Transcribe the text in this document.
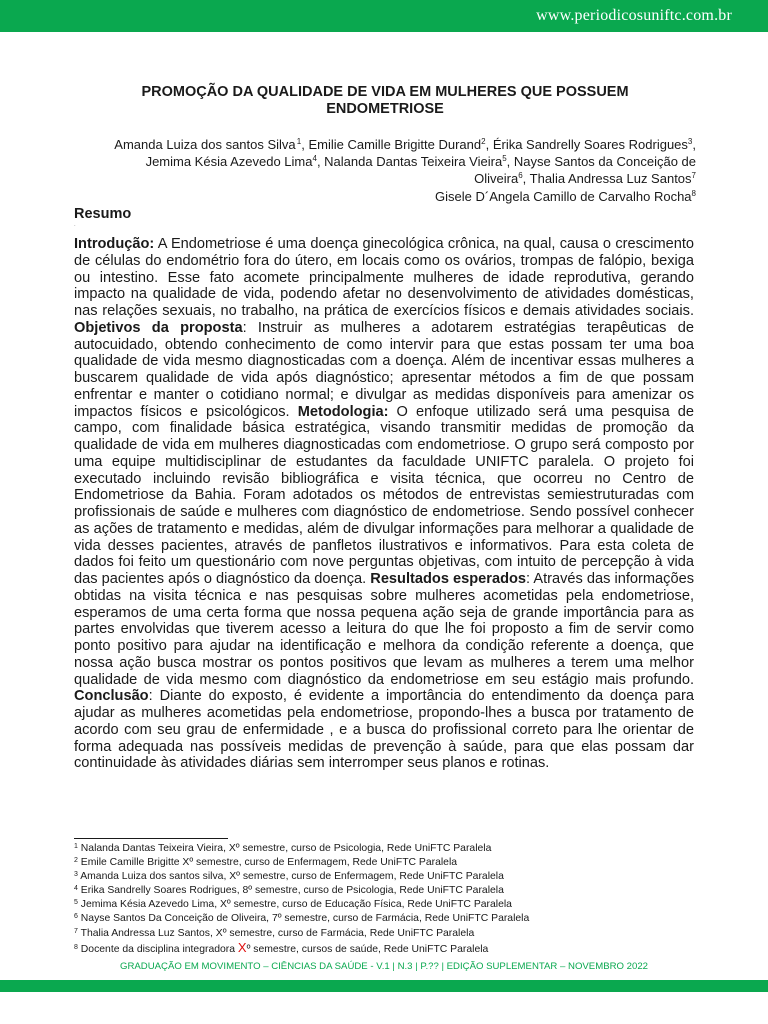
www.periodicosuniftc.com.br
PROMOÇÃO DA QUALIDADE DE VIDA EM MULHERES QUE POSSUEM
ENDOMETRIOSE
Amanda Luiza dos santos Silva $^1$, Emilie Camille Brigitte Durand$^2$, Érika Sandrelly Soares Rodrigues$^3$, Jemima Késia Azevedo Lima$^4$, Nalanda Dantas Teixeira Vieira$^5$, Nayse Santos da Conceição de Oliveira$^6$, Thalia Andressa Luz Santos$^7$
Gisele D´Angela Camillo de Carvalho Rocha$^8$
Resumo
.
Introdução: A Endometriose é uma doença ginecológica crônica, na qual, causa o crescimento de células do endométrio fora do útero, em locais como os ovários, trompas de falópio, bexiga ou intestino. Esse fato acomete principalmente mulheres de idade reprodutiva, gerando impacto na qualidade de vida, podendo afetar no desenvolvimento de atividades domésticas, nas relações sexuais, no trabalho, na prática de exercícios físicos e demais atividades sociais. Objetivos da proposta: Instruir as mulheres a adotarem estratégias terapêuticas de autocuidado, obtendo conhecimento de como intervir para que estas possam ter uma boa qualidade de vida mesmo diagnosticadas com a doença. Além de incentivar essas mulheres a buscarem qualidade de vida após diagnóstico; apresentar métodos a fim de que possam enfrentar e manter o cotidiano normal; e divulgar as medidas disponíveis para amenizar os impactos físicos e psicológicos. Metodologia: O enfoque utilizado será uma pesquisa de campo, com finalidade básica estratégica, visando transmitir medidas de promoção da qualidade de vida em mulheres diagnosticadas com endometriose. O grupo será composto por uma equipe multidisciplinar de estudantes da faculdade UNIFTC paralela. O projeto foi executado incluindo revisão bibliográfica e visita técnica, que ocorreu no Centro de Endometriose da Bahia. Foram adotados os métodos de entrevistas semiestruturadas com profissionais de saúde e mulheres com diagnóstico de endometriose. Sendo possível conhecer as ações de tratamento e medidas, além de divulgar informações para melhorar a qualidade de vida desses pacientes, através de panfletos ilustrativos e informativos. Para esta coleta de dados foi feito um questionário com nove perguntas objetivas, com intuito de percepção à vida das pacientes após o diagnóstico da doença. Resultados esperados: Através das informações obtidas na visita técnica e nas pesquisas sobre mulheres acometidas pela endometriose, esperamos de uma certa forma que nossa pequena ação seja de grande importância para as partes envolvidas que tiverem acesso a leitura do que lhe foi proposto a fim de servir como ponto positivo para ajudar na identificação e melhora da condição referente a doença, que nossa ação busca mostrar os pontos positivos que levam as mulheres a terem uma melhor qualidade de vida mesmo com diagnóstico da endometriose em seu estágio mais profundo. Conclusão: Diante do exposto, é evidente a importância do entendimento da doença para ajudar as mulheres acometidas pela endometriose, propondo-lhes a busca por tratamento de acordo com seu grau de enfermidade , e a busca do profissional correto para lhe orientar de forma adequada nas possíveis medidas de prevenção à saúde, para que elas possam dar continuidade às atividades diárias sem interromper seus planos e rotinas.
$^1$ Nalanda Dantas Teixeira Vieira, Xº semestre, curso de Psicologia, Rede UniFTC Paralela
$^2$ Emile Camille Brigitte Xº semestre, curso de Enfermagem, Rede UniFTC Paralela
$^3$ Amanda Luiza dos santos silva, Xº semestre, curso de Enfermagem, Rede UniFTC Paralela
$^4$ Erika Sandrelly Soares Rodrigues, 8º semestre, curso de Psicologia, Rede UniFTC Paralela
$^5$ Jemima Késia Azevedo Lima, Xº semestre, curso de Educação Física, Rede UniFTC Paralela
$^6$ Nayse Santos Da Conceição de Oliveira, 7º semestre, curso de Farmácia, Rede UniFTC Paralela
$^7$ Thalia Andressa Luz Santos, Xº semestre, curso de Farmácia, Rede UniFTC Paralela
$^8$ Docente da disciplina integradora Xº semestre, cursos de saúde, Rede UniFTC Paralela
GRADUAÇÃO EM MOVIMENTO – CIÊNCIAS DA SAÚDE - V.1 | N.3 | P.?? | EDIÇÃO SUPLEMENTAR – NOVEMBRO 2022
